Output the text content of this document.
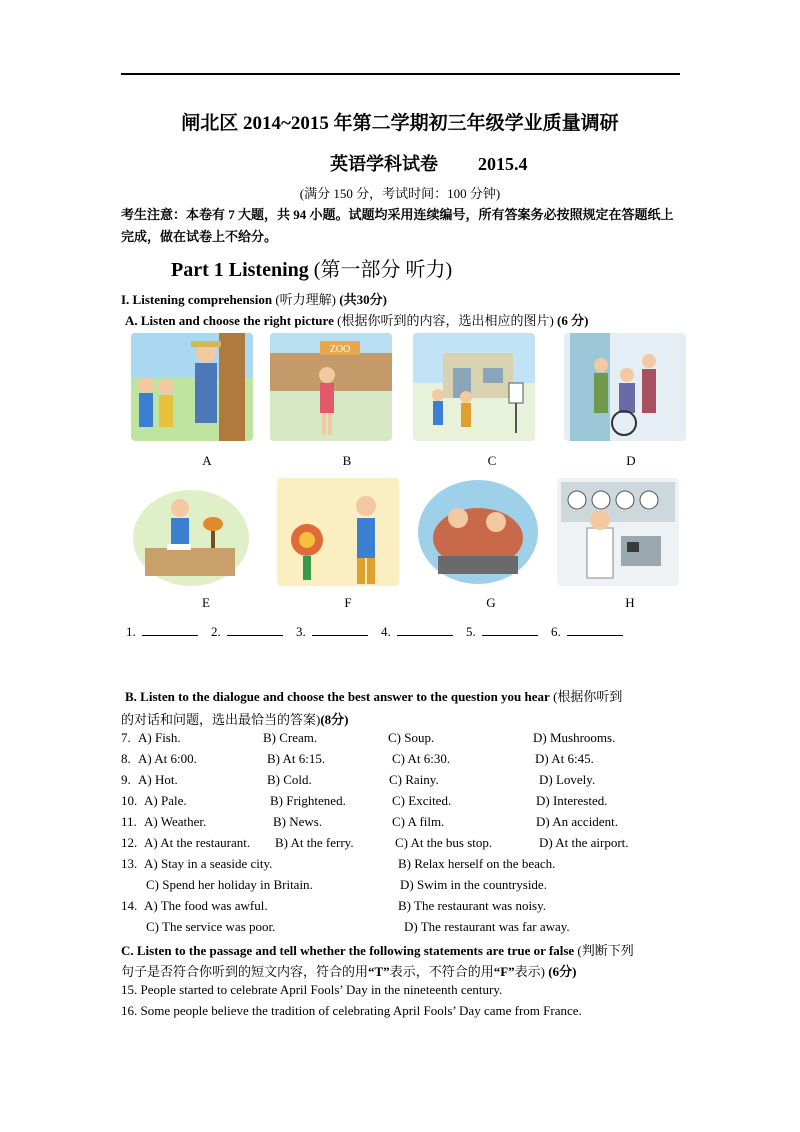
闸北区 2014~2015 年第二学期初三年级学业质量调研
英语学科试卷 2015.4
(满分 150 分，考试时间：100 分钟)
考生注意：本卷有 7 大题，共 94 小题。试题均采用连续编号，所有答案务必按照规定在答题纸上完成，做在试卷上不给分。
Part 1 Listening (第一部分 听力)
I. Listening comprehension (听力理解) (共30分)
A. Listen and choose the right picture (根据你听到的内容，选出相应的图片) (6 分)
ZOO
A	B	C	D
E	F	G	H
1.	2.	3.	4.	5.	6.
B. Listen to the dialogue and choose the best answer to the question you hear (根据你听到
的对话和问题，选出最恰当的答案)(8分)
7. A) Fish.	B) Cream.	C) Soup.	D) Mushrooms.
8. A) At 6:00.	B) At 6:15.	C) At 6:30.	D) At 6:45.
9. A) Hot.	B) Cold.	C) Rainy.	D) Lovely.
10. A) Pale.	B) Frightened.	C) Excited.	D) Interested.
11. A) Weather.	B) News.	C) A film.	D) An accident.
12. A) At the restaurant. B) At the ferry.	C) At the bus stop.	D) At the airport.
13. A) Stay in a seaside city.	B) Relax herself on the beach.
C) Spend her holiday in Britain.	D) Swim in the countryside.
14. A) The food was awful.	B) The restaurant was noisy.
C) The service was poor.	D) The restaurant was far away.
C. Listen to the passage and tell whether the following statements are true or false (判断下列
句子是否符合你听到的短文内容，符合的用“T”表示，不符合的用“F”表示) (6分)
15. People started to celebrate April Fools’ Day in the nineteenth century.
16. Some people believe the tradition of celebrating April Fools’ Day came from France.
